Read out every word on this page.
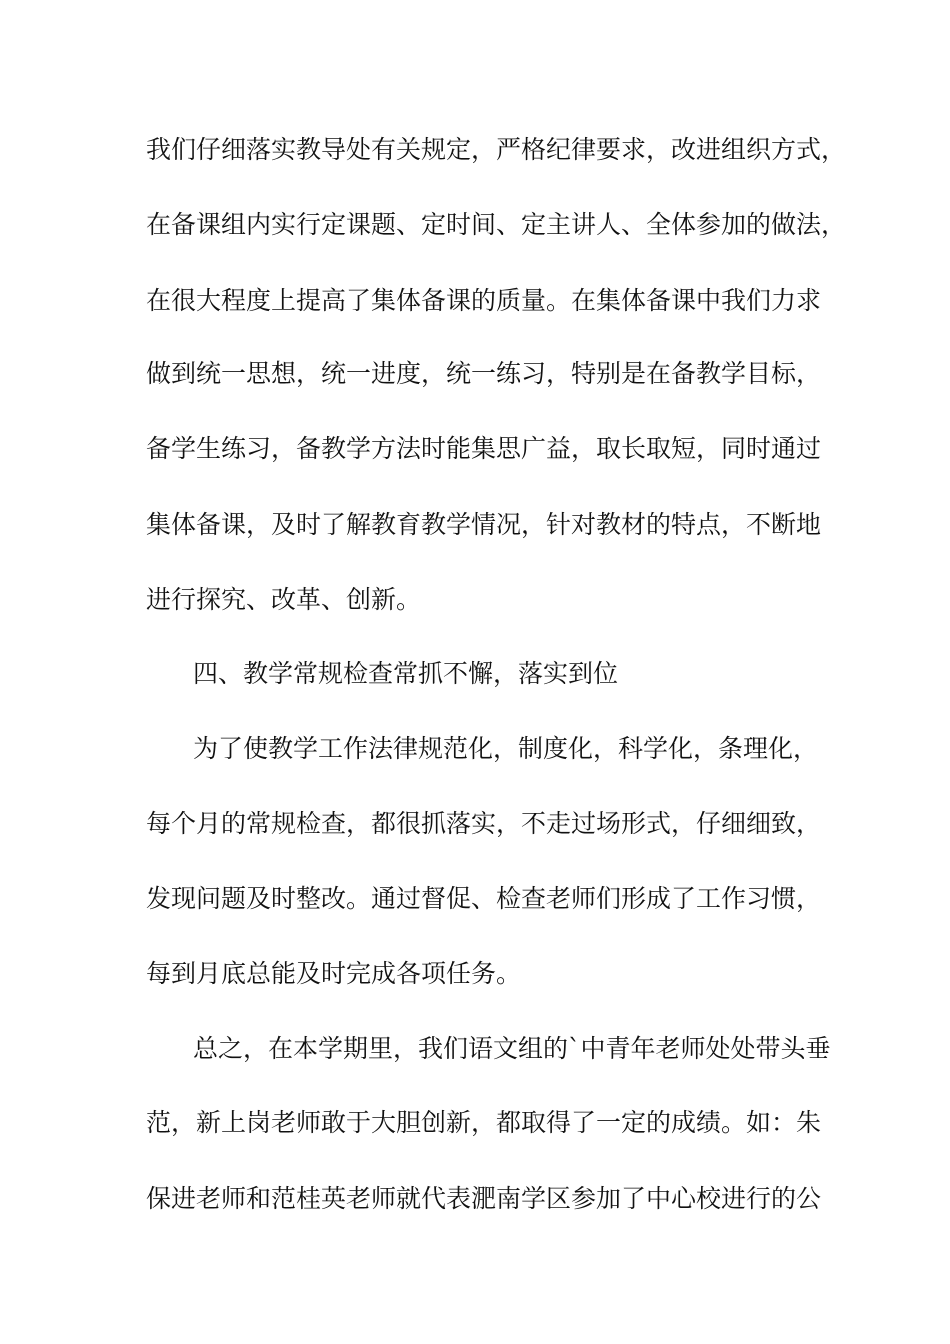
我们仔细落实教导处有关规定，严格纪律要求，改进组织方式，
在备课组内实行定课题、定时间、定主讲人、全体参加的做法，
在很大程度上提高了集体备课的质量。在集体备课中我们力求
做到统一思想，统一进度，统一练习，特别是在备教学目标，
备学生练习，备教学方法时能集思广益，取长取短，同时通过
集体备课，及时了解教育教学情况，针对教材的特点，不断地
进行探究、改革、创新。
四、教学常规检查常抓不懈，落实到位
为了使教学工作法律规范化，制度化，科学化，条理化，
每个月的常规检查，都很抓落实，不走过场形式，仔细细致，
发现问题及时整改。通过督促、检查老师们形成了工作习惯，
每到月底总能及时完成各项任务。
总之，在本学期里，我们语文组的`中青年老师处处带头垂
范，新上岗老师敢于大胆创新，都取得了一定的成绩。如：朱
保进老师和范桂英老师就代表淝南学区参加了中心校进行的公
